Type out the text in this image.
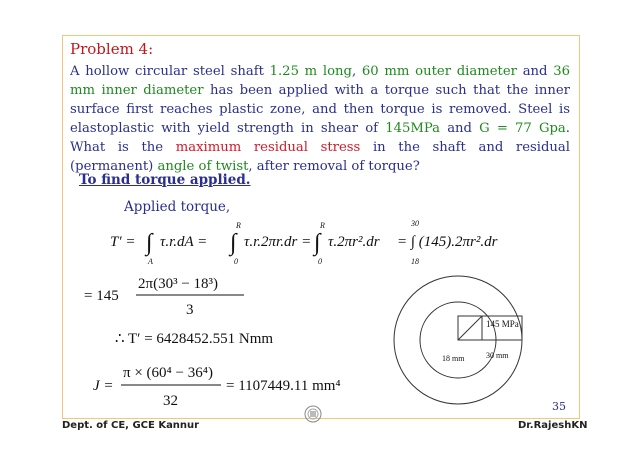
Problem 4:
A hollow circular steel shaft 1.25 m long, 60 mm outer diameter and 36 mm inner diameter has been applied with a torque such that the inner surface first reaches plastic zone, and then torque is removed. Steel is elastoplastic with yield strength in shear of 145MPa and G = 77 Gpa. What is the maximum residual stress in the shaft and residual (permanent) angle of twist, after removal of torque?
To find torque applied.
Applied torque,
T′ = ∫ τ.r.dA =
A
∫ τ.r.2πr.dr =
R
0
∫ τ.2πr².dr
R
0
= ∫ (145).2πr².dr
30
18
= 145
2π(30³ − 18³)
3
∴ T′ = 6428452.551 Nmm
J =
π × (60⁴ − 36⁴)
32
= 1107449.11 mm⁴
145 MPa
18 mm	30 mm
35
Dept. of CE, GCE Kannur	Dr.RajeshKN
